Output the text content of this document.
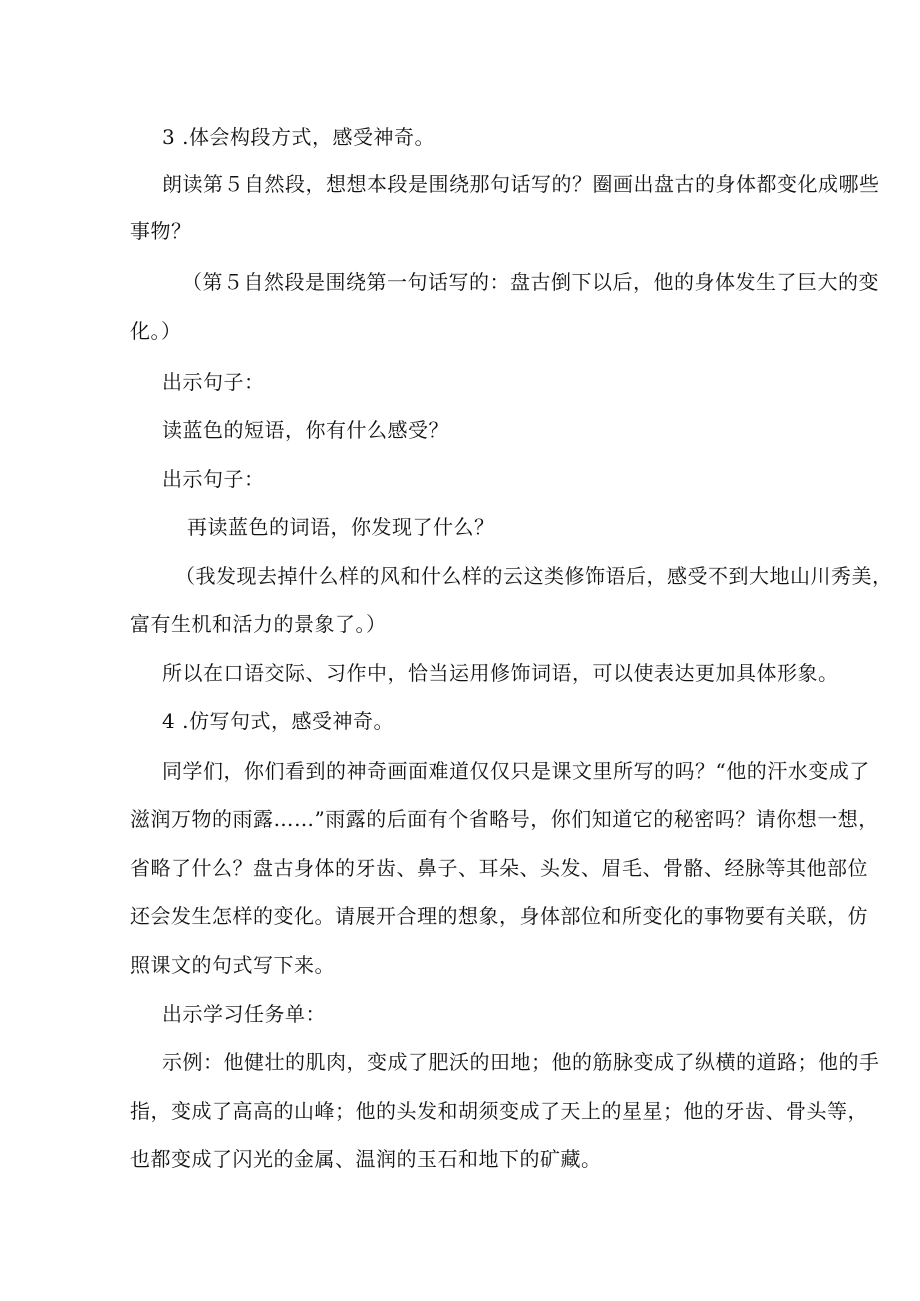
3 .体会构段方式，感受神奇。
朗读第５自然段，想想本段是围绕那句话写的？圈画出盘古的身体都变化成哪些
事物？
（第５自然段是围绕第一句话写的：盘古倒下以后，他的身体发生了巨大的变
化。）
出示句子：
读蓝色的短语，你有什么感受？
出示句子：
再读蓝色的词语，你发现了什么？
（我发现去掉什么样的风和什么样的云这类修饰语后，感受不到大地山川秀美，
富有生机和活力的景象了。）
所以在口语交际、习作中，恰当运用修饰词语，可以使表达更加具体形象。
4 .仿写句式，感受神奇。
同学们，你们看到的神奇画面难道仅仅只是课文里所写的吗？“他的汗水变成了
滋润万物的雨露……”雨露的后面有个省略号，你们知道它的秘密吗？请你想一想，
省略了什么？盘古身体的牙齿、鼻子、耳朵、头发、眉毛、骨骼、经脉等其他部位
还会发生怎样的变化。请展开合理的想象，身体部位和所变化的事物要有关联，仿
照课文的句式写下来。
出示学习任务单：
示例：他健壮的肌肉，变成了肥沃的田地；他的筋脉变成了纵横的道路；他的手
指，变成了高高的山峰；他的头发和胡须变成了天上的星星；他的牙齿、骨头等，
也都变成了闪光的金属、温润的玉石和地下的矿藏。
